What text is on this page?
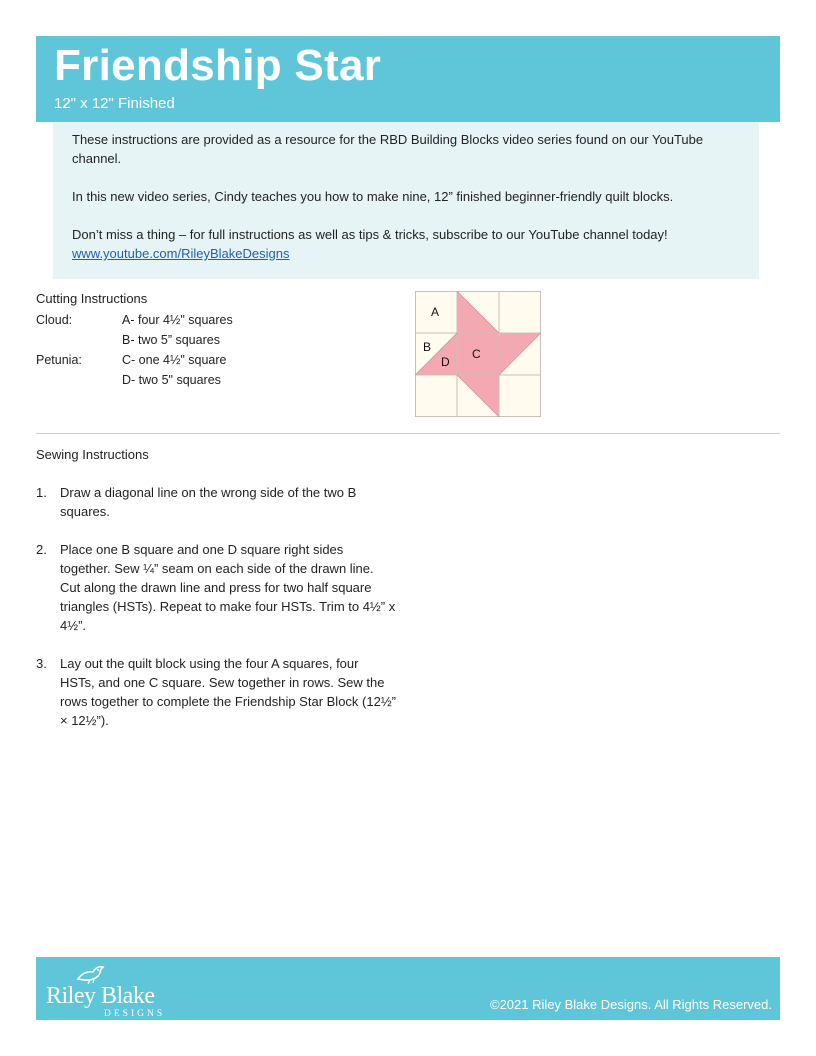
Friendship Star
12" x 12" Finished

These instructions are provided as a resource for the RBD Building Blocks video series found on our YouTube channel.

In this new video series, Cindy teaches you how to make nine, 12” finished beginner-friendly quilt blocks.

Don’t miss a thing – for full instructions as well as tips & tricks, subscribe to our YouTube channel today!
www.youtube.com/RileyBlakeDesigns

Cutting Instructions
Cloud:	A- four 4½" squares
B- two 5” squares
Petunia:	C- one 4½" square
D- two 5" squares
A
B
D
C
Sewing Instructions
1.	Draw a diagonal line on the wrong side of the two B squares.
2.	Place one B square and one D square right sides together. Sew ¼” seam on each side of the drawn line. Cut along the drawn line and press for two half square triangles (HSTs). Repeat to make four HSTs. Trim to 4½” x 4½”.
3.	Lay out the quilt block using the four A squares, four HSTs, and one C square. Sew together in rows. Sew the rows together to complete the Friendship Star Block (12½” × 12½”).
Riley Blake
DESIGNS
©2021 Riley Blake Designs. All Rights Reserved.
